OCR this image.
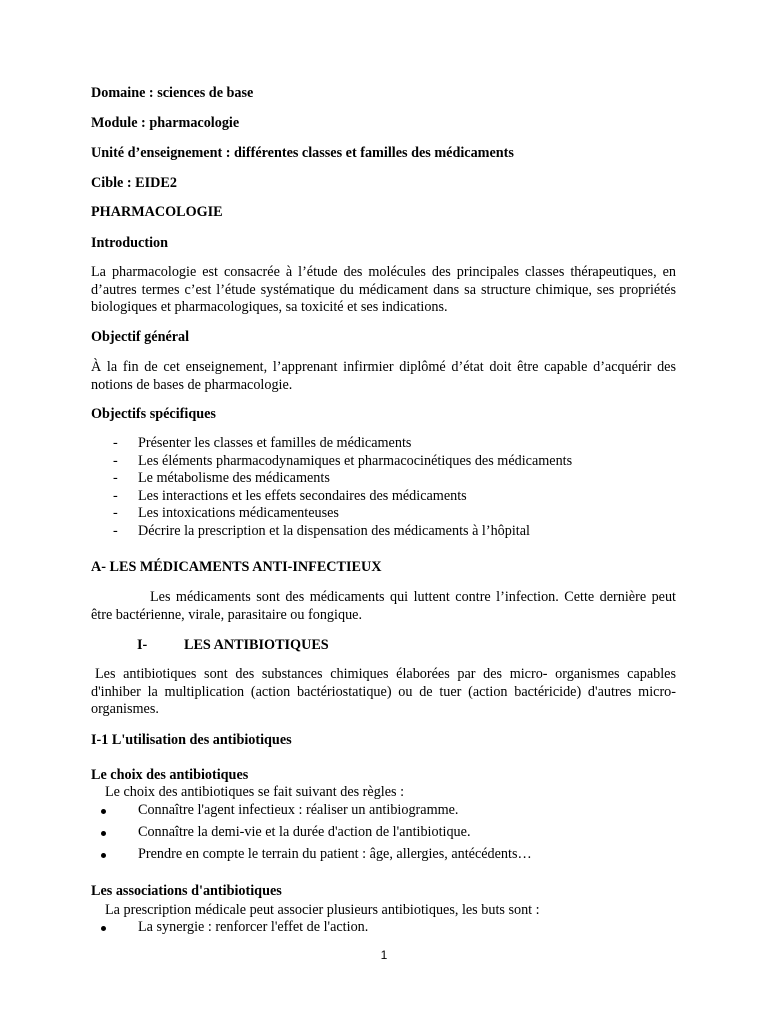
Domaine : sciences de base
Module : pharmacologie
Unité d’enseignement : différentes classes et familles des médicaments
Cible : EIDE2
PHARMACOLOGIE
Introduction
La pharmacologie est consacrée à l’étude des molécules des principales classes thérapeutiques, en d’autres termes c’est l’étude systématique du médicament dans sa structure chimique, ses propriétés biologiques et pharmacologiques, sa toxicité et ses indications.
Objectif général
À la fin de cet enseignement, l’apprenant infirmier diplômé d’état doit être capable d’acquérir des notions de bases de pharmacologie.
Objectifs spécifiques
- Présenter les classes et familles de médicaments
- Les éléments pharmacodynamiques et pharmacocinétiques des médicaments
- Le métabolisme des médicaments
- Les interactions et les effets secondaires des médicaments
- Les intoxications médicamenteuses
- Décrire la prescription et la dispensation des médicaments à l’hôpital
A- LES MÉDICAMENTS ANTI-INFECTIEUX
Les médicaments sont des médicaments qui luttent contre l’infection. Cette dernière peut être bactérienne, virale, parasitaire ou fongique.
I-	LES ANTIBIOTIQUES
Les antibiotiques sont des substances chimiques élaborées par des micro- organismes capables d'inhiber la multiplication (action bactériostatique) ou de tuer (action bactéricide) d'autres micro-organismes.
I-1 L'utilisation des antibiotiques
Le choix des antibiotiques
Le choix des antibiotiques se fait suivant des règles :
Connaître l'agent infectieux : réaliser un antibiogramme.
Connaître la demi-vie et la durée d'action de l'antibiotique.
Prendre en compte le terrain du patient : âge, allergies, antécédents…
Les associations d'antibiotiques
La prescription médicale peut associer plusieurs antibiotiques, les buts sont :
La synergie : renforcer l'effet de l'action.
1
